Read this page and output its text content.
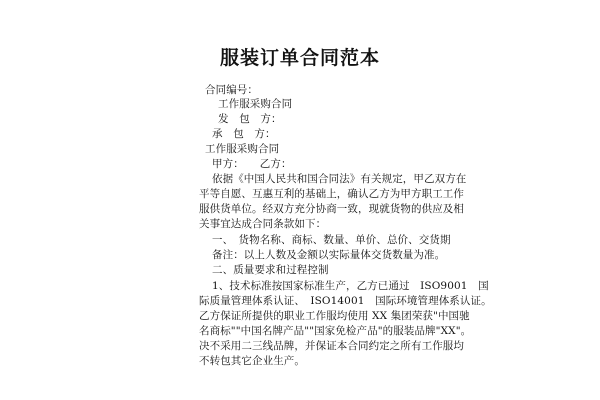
服装订单合同范本
合同编号：
工作服采购合同
发　包　方：
承　包　方：
工作服采购合同
甲方：　　乙方：
依据《中国人民共和国合同法》有关规定，甲乙双方在
平等自愿、互惠互利的基础上，确认乙方为甲方职工工作
服供货单位。经双方充分协商一致，现就货物的供应及相
关事宜达成合同条款如下：
一、　货物名称、商标、数量、单价、总价、交货期
备注：以上人数及金额以实际量体交货数量为准。
二、质量要求和过程控制
1、技术标准按国家标准生产，乙方已通过　ISO9001　国
际质量管理体系认证、　ISO14001　国际环境管理体系认证。
乙方保证所提供的职业工作服均使用 XX 集团荣获"中国驰
名商标""中国名牌产品""国家免检产品"的服装品牌"XX"。
决不采用二三线品牌，并保证本合同约定之所有工作服均
不转包其它企业生产。
